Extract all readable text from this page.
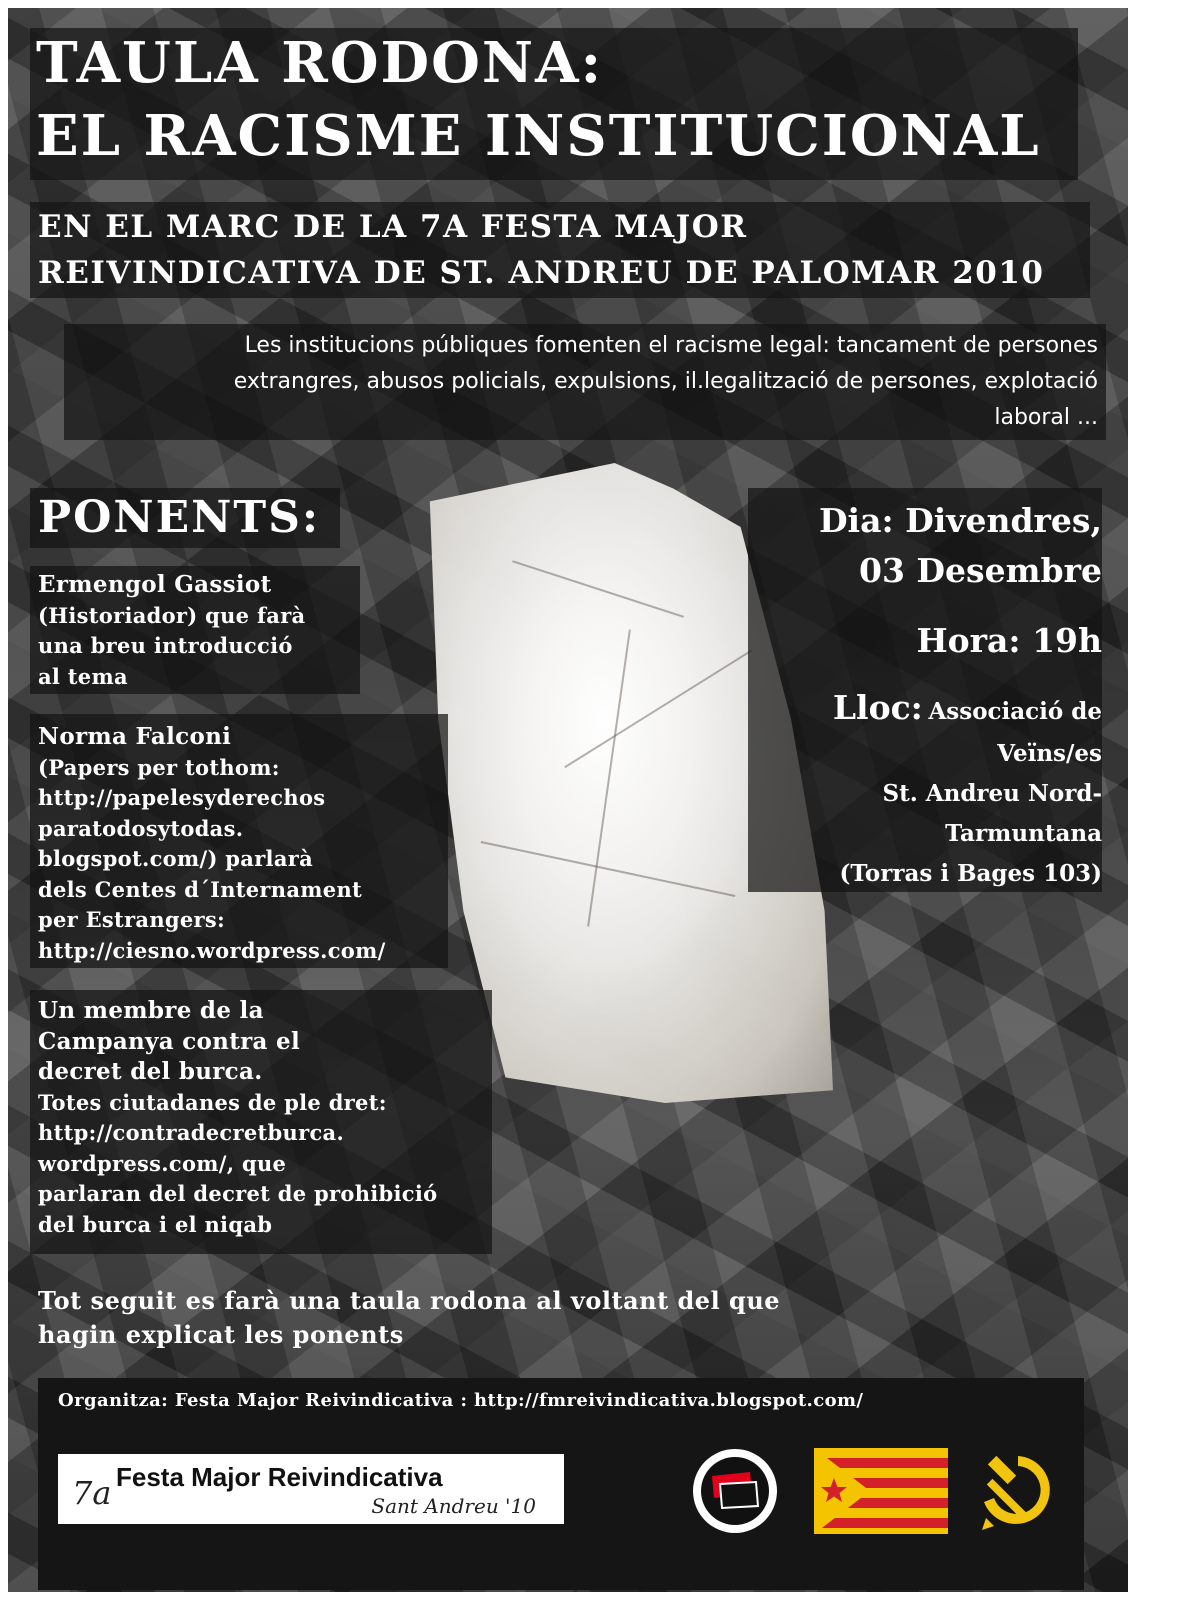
TAULA RODONA:
EL RACISME INSTITUCIONAL
EN EL MARC DE LA 7A FESTA MAJOR
REIVINDICATIVA DE ST. ANDREU DE PALOMAR 2010
Les institucions públiques fomenten el racisme legal: tancament de persones
extrangres, abusos policials, expulsions, il.legalització de persones, explotació
laboral ...
PONENTS:
Ermengol Gassiot
(Historiador) que farà
una breu introducció
al tema
Norma Falconi
(Papers per tothom:
http://papelesyderechos
paratodosytodas.
blogspot.com/) parlarà
dels Centes d´Internament
per Estrangers:
http://ciesno.wordpress.com/
Un membre de la
Campanya contra el
decret del burca.
Totes ciutadanes de ple dret:
http://contradecretburca.
wordpress.com/, que
parlaran del decret de prohibició
del burca i el niqab
Dia: Divendres,
03 Desembre
Hora: 19h
Lloc: Associació de
Veïns/es
St. Andreu Nord-
Tarmuntana
(Torras i Bages 103)
Tot seguit es farà una taula rodona al voltant del que
hagin explicat les ponents
Organitza: Festa Major Reivindicativa : http://fmreivindicativa.blogspot.com/
7a Festa Major Reivindicativa
Sant Andreu '10
